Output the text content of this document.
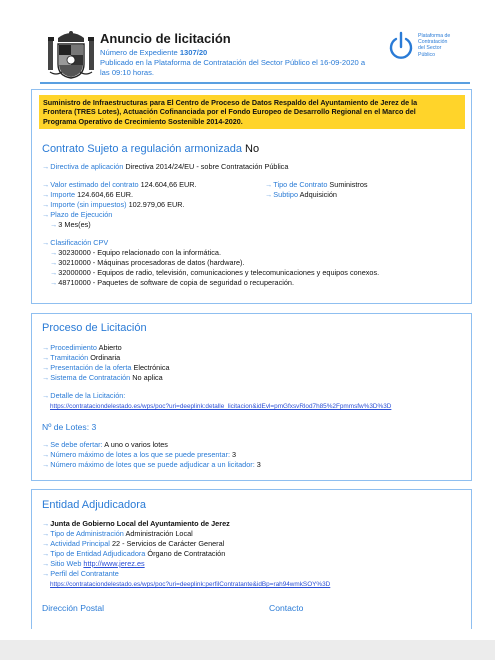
Anuncio de licitación
Número de Expediente 1307/20
Publicado en la Plataforma de Contratación del Sector Público el 16-09-2020 a
las 09:10 horas.
Plataforma de
Contratación
del Sector
Público
Suministro de Infraestructuras para El Centro de Proceso de Datos Respaldo del Ayuntamiento de Jerez de la
Frontera (TRES Lotes), Actuación Cofinanciada por el Fondo Europeo de Desarrollo Regional en el Marco del
Programa Operativo de Crecimiento Sostenible 2014-2020.
Contrato Sujeto a regulación armonizada No
→Directiva de aplicación Directiva 2014/24/EU - sobre Contratación Pública
→Valor estimado del contrato 124.604,66 EUR.
→Importe 124.604,66 EUR.
→Importe (sin impuestos) 102.979,06 EUR.
→Plazo de Ejecución
→3 Mes(es)
→Tipo de Contrato Suministros
→Subtipo Adquisición
→Clasificación CPV
→30230000 - Equipo relacionado con la informática.
→30210000 - Máquinas procesadoras de datos (hardware).
→32000000 - Equipos de radio, televisión, comunicaciones y telecomunicaciones y equipos conexos.
→48710000 - Paquetes de software de copia de seguridad o recuperación.
Proceso de Licitación
→Procedimiento Abierto
→Tramitación Ordinaria
→Presentación de la oferta Electrónica
→Sistema de Contratación No aplica
→Detalle de la Licitación:
https://contrataciondelestado.es/wps/poc?uri=deeplink:detalle_licitacion&idEvl=pmGfxsvRlod7h85%2Fpmmsfw%3D%3D
Nº de Lotes: 3
→Se debe ofertar: A uno o varios lotes
→Número máximo de lotes a los que se puede presentar: 3
→Número máximo de lotes que se puede adjudicar a un licitador: 3
Entidad Adjudicadora
→Junta de Gobierno Local del Ayuntamiento de Jerez
→Tipo de Administración Administración Local
→Actividad Principal 22 - Servicios de Carácter General
→Tipo de Entidad Adjudicadora Órgano de Contratación
→Sitio Web http://www.jerez.es
→Perfil del Contratante
https://contrataciondelestado.es/wps/poc?uri=deeplink:perfilContratante&idBp=rah94wmkSOY%3D
Dirección Postal	Contacto
